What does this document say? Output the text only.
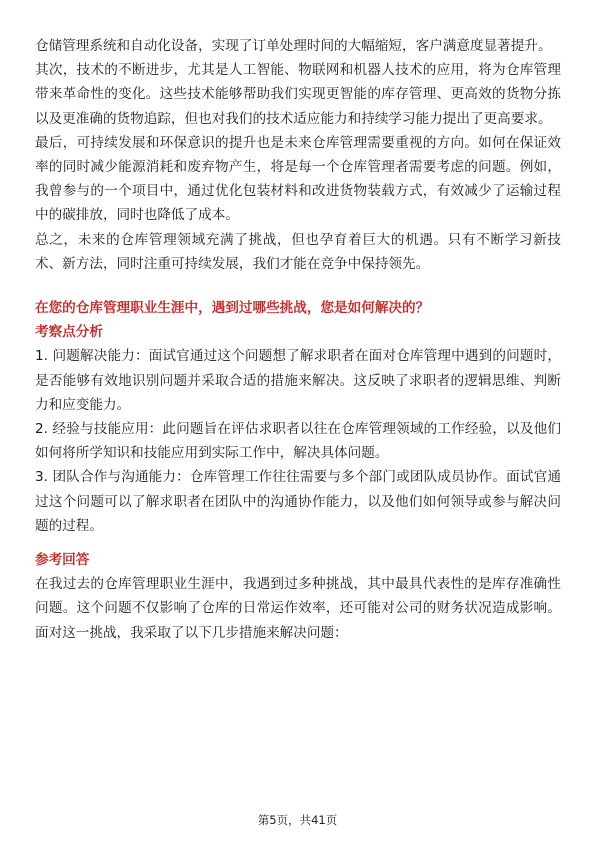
仓储管理系统和自动化设备，实现了订单处理时间的大幅缩短，客户满意度显著提升。

其次，技术的不断进步，尤其是人工智能、物联网和机器人技术的应用，将为仓库管理带来革命性的变化。这些技术能够帮助我们实现更智能的库存管理、更高效的货物分拣以及更准确的货物追踪，但也对我们的技术适应能力和持续学习能力提出了更高要求。

最后，可持续发展和环保意识的提升也是未来仓库管理需要重视的方向。如何在保证效率的同时减少能源消耗和废弃物产生，将是每一个仓库管理者需要考虑的问题。例如，我曾参与的一个项目中，通过优化包装材料和改进货物装载方式，有效减少了运输过程中的碳排放，同时也降低了成本。

总之，未来的仓库管理领域充满了挑战，但也孕育着巨大的机遇。只有不断学习新技术、新方法，同时注重可持续发展，我们才能在竞争中保持领先。

在您的仓库管理职业生涯中，遇到过哪些挑战，您是如何解决的？

考察点分析

1. 问题解决能力：面试官通过这个问题想了解求职者在面对仓库管理中遇到的问题时，是否能够有效地识别问题并采取合适的措施来解决。这反映了求职者的逻辑思维、判断力和应变能力。

2. 经验与技能应用：此问题旨在评估求职者以往在仓库管理领域的工作经验，以及他们如何将所学知识和技能应用到实际工作中，解决具体问题。

3. 团队合作与沟通能力：仓库管理工作往往需要与多个部门或团队成员协作。面试官通过这个问题可以了解求职者在团队中的沟通协作能力，以及他们如何领导或参与解决问题的过程。

参考回答

在我过去的仓库管理职业生涯中，我遇到过多种挑战，其中最具代表性的是库存准确性问题。这个问题不仅影响了仓库的日常运作效率，还可能对公司的财务状况造成影响。面对这一挑战，我采取了以下几步措施来解决问题：

第5页，共41页
